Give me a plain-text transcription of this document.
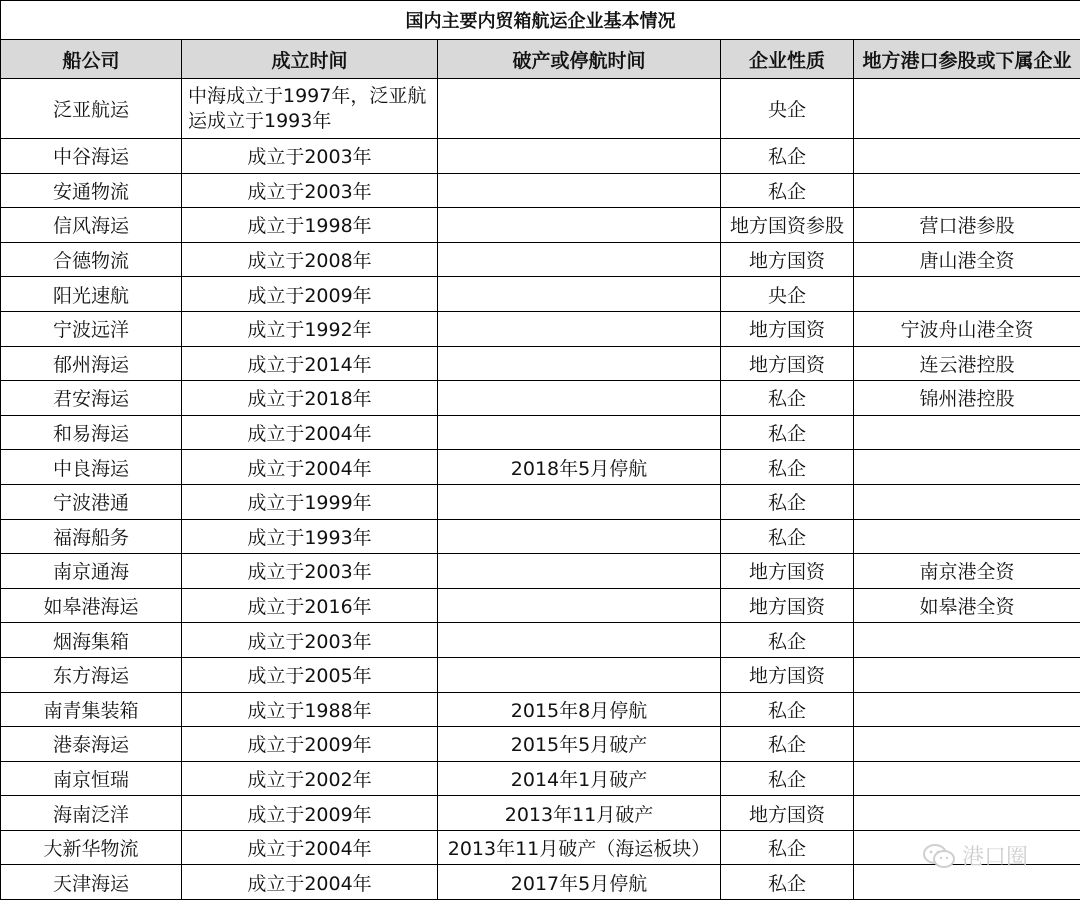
国内主要内贸箱航运企业基本情况				
船公司	成立时间	破产或停航时间	企业性质	地方港口参股或下属企业
泛亚航运	中海成立于1997年，泛亚航运成立于1993年		央企	
中谷海运	成立于2003年		私企	
安通物流	成立于2003年		私企	
信风海运	成立于1998年		地方国资参股	营口港参股
合德物流	成立于2008年		地方国资	唐山港全资
阳光速航	成立于2009年		央企	
宁波远洋	成立于1992年		地方国资	宁波舟山港全资
郁州海运	成立于2014年		地方国资	连云港控股
君安海运	成立于2018年		私企	锦州港控股
和易海运	成立于2004年		私企	
中良海运	成立于2004年	2018年5月停航	私企	
宁波港通	成立于1999年		私企	
福海船务	成立于1993年		私企	
南京通海	成立于2003年		地方国资	南京港全资
如皋港海运	成立于2016年		地方国资	如皋港全资
烟海集箱	成立于2003年		私企	
东方海运	成立于2005年		地方国资	
南青集装箱	成立于1988年	2015年8月停航	私企	
港泰海运	成立于2009年	2015年5月破产	私企	
南京恒瑞	成立于2002年	2014年1月破产	私企	
海南泛洋	成立于2009年	2013年11月破产	地方国资	
大新华物流	成立于2004年	2013年11月破产（海运板块）	私企	
天津海运	成立于2004年	2017年5月停航	私企	
港口圈
